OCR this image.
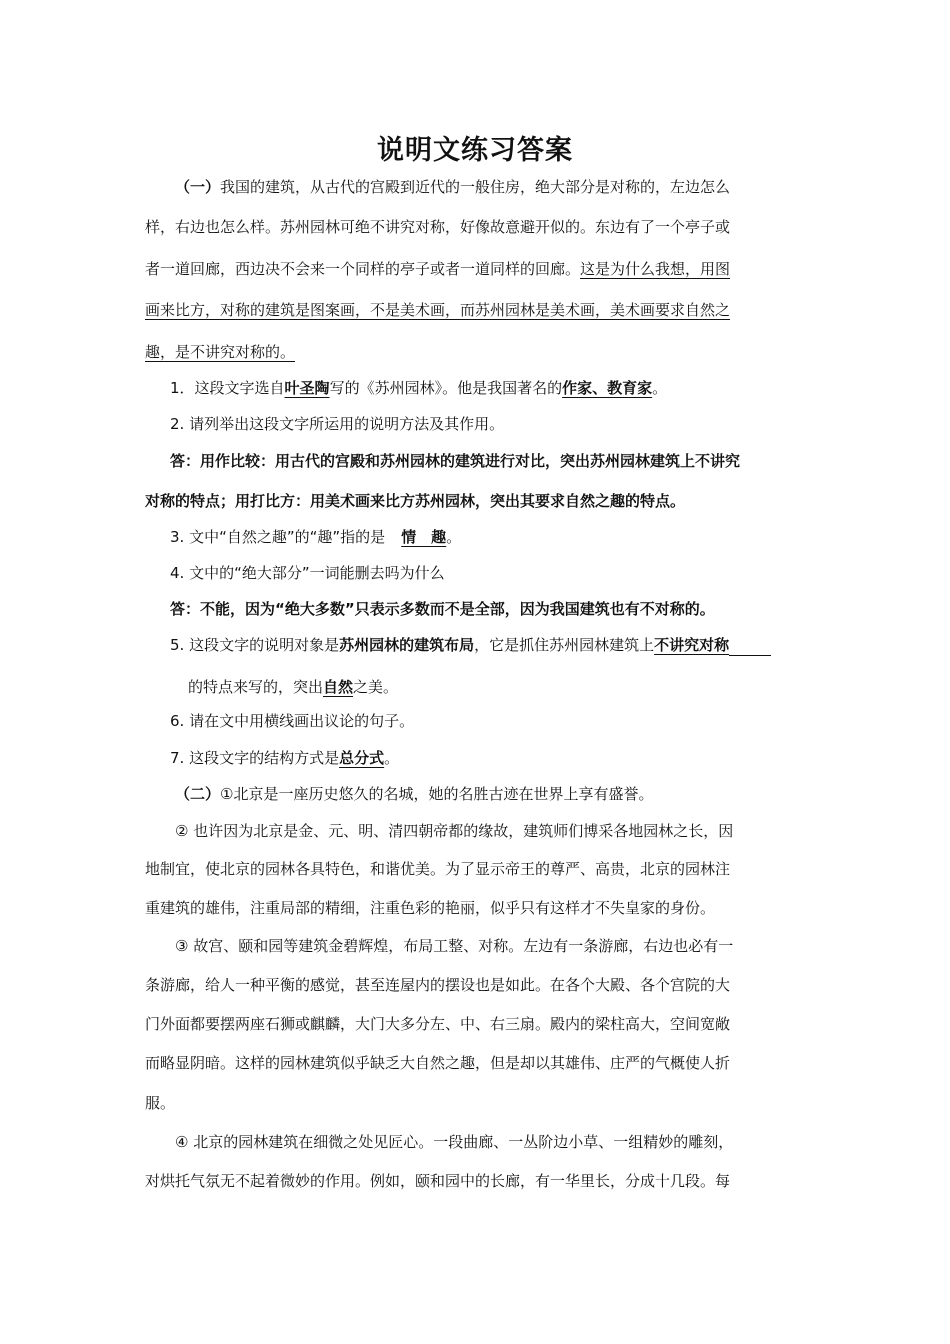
说明文练习答案
（一）我国的建筑，从古代的宫殿到近代的一般住房，绝大部分是对称的，左边怎么
样，右边也怎么样。苏州园林可绝不讲究对称，好像故意避开似的。东边有了一个亭子或
者一道回廊，西边决不会来一个同样的亭子或者一道同样的回廊。这是为什么我想，用图
画来比方，对称的建筑是图案画，不是美术画，而苏州园林是美术画，美术画要求自然之
趣，是不讲究对称的。
1．这段文字选自叶圣陶写的《苏州园林》。他是我国著名的作家、教育家。
2. 请列举出这段文字所运用的说明方法及其作用。
答：用作比较：用古代的宫殿和苏州园林的建筑进行对比，突出苏州园林建筑上不讲究
对称的特点；用打比方：用美术画来比方苏州园林，突出其要求自然之趣的特点。
3. 文中“自然之趣”的“趣”指的是 情　趣。
4. 文中的“绝大部分”一词能删去吗为什么
答：不能，因为“绝大多数”只表示多数而不是全部，因为我国建筑也有不对称的。
5. 这段文字的说明对象是苏州园林的建筑布局，它是抓住苏州园林建筑上不讲究对称
的特点来写的，突出自然之美。
6. 请在文中用横线画出议论的句子。
7. 这段文字的结构方式是总分式。
（二）①北京是一座历史悠久的名城，她的名胜古迹在世界上享有盛誉。
② 也许因为北京是金、元、明、清四朝帝都的缘故，建筑师们博采各地园林之长，因
地制宜，使北京的园林各具特色，和谐优美。为了显示帝王的尊严、高贵，北京的园林注
重建筑的雄伟，注重局部的精细，注重色彩的艳丽，似乎只有这样才不失皇家的身份。
③ 故宫、颐和园等建筑金碧辉煌，布局工整、对称。左边有一条游廊，右边也必有一
条游廊，给人一种平衡的感觉，甚至连屋内的摆设也是如此。在各个大殿、各个宫院的大
门外面都要摆两座石狮或麒麟，大门大多分左、中、右三扇。殿内的梁柱高大，空间宽敞
而略显阴暗。这样的园林建筑似乎缺乏大自然之趣，但是却以其雄伟、庄严的气概使人折
服。
④ 北京的园林建筑在细微之处见匠心。一段曲廊、一丛阶边小草、一组精妙的雕刻，
对烘托气氛无不起着微妙的作用。例如，颐和园中的长廊，有一华里长，分成十几段。每
